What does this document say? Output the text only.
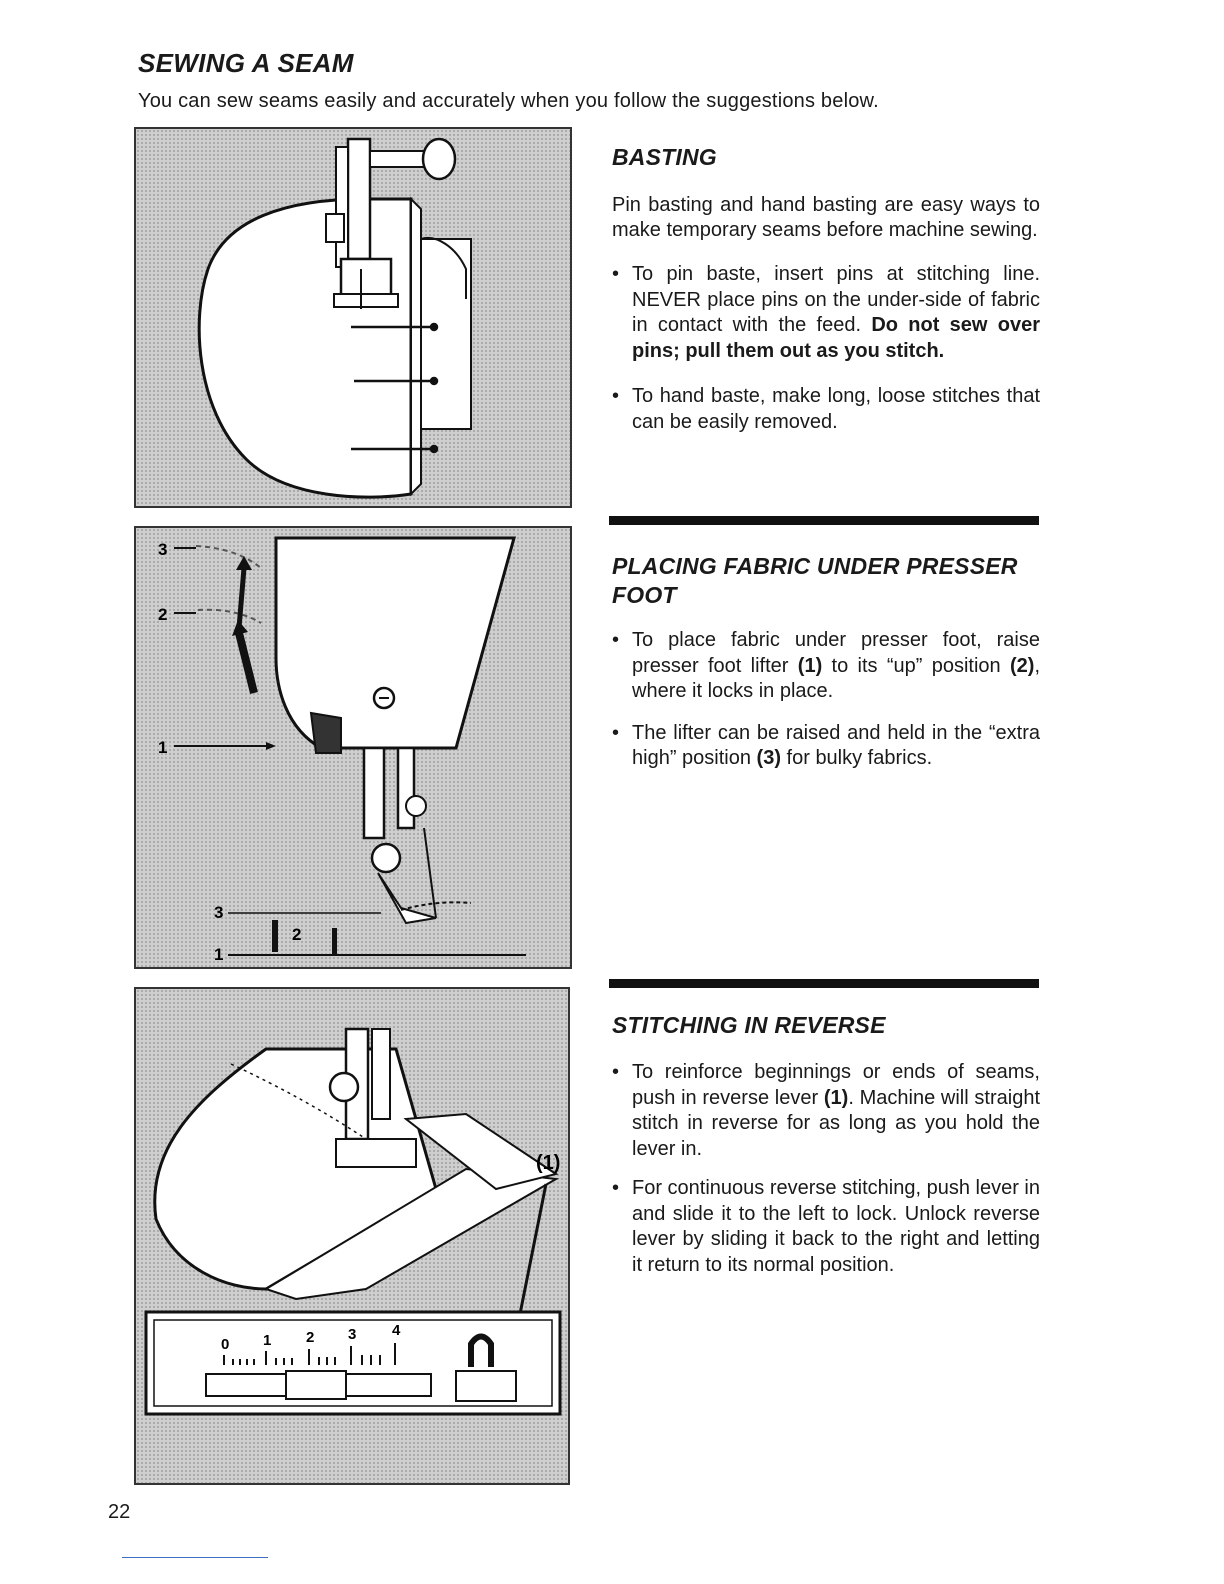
SEWING A SEAM

You can sew seams easily and accurately when you follow the suggestions below.

3
2
1
3
2
1
(1)
0 1 2 3 4
BASTING

Pin basting and hand basting are easy ways to make temporary seams before machine sewing.

• To pin baste, insert pins at stitching line. NEVER place pins on the under-side of fabric in contact with the feed. Do not sew over pins; pull them out as you stitch.

• To hand baste, make long, loose stitches that can be easily removed.

PLACING FABRIC UNDER PRESSER FOOT

• To place fabric under presser foot, raise presser foot lifter (1) to its “up” position (2), where it locks in place.

• The lifter can be raised and held in the “extra high” position (3) for bulky fabrics.

STITCHING IN REVERSE

• To reinforce beginnings or ends of seams, push in reverse lever (1). Machine will straight stitch in reverse for as long as you hold the lever in.

• For continuous reverse stitching, push lever in and slide it to the left to lock. Unlock reverse lever by sliding it back to the right and letting it return to its normal position.

22
